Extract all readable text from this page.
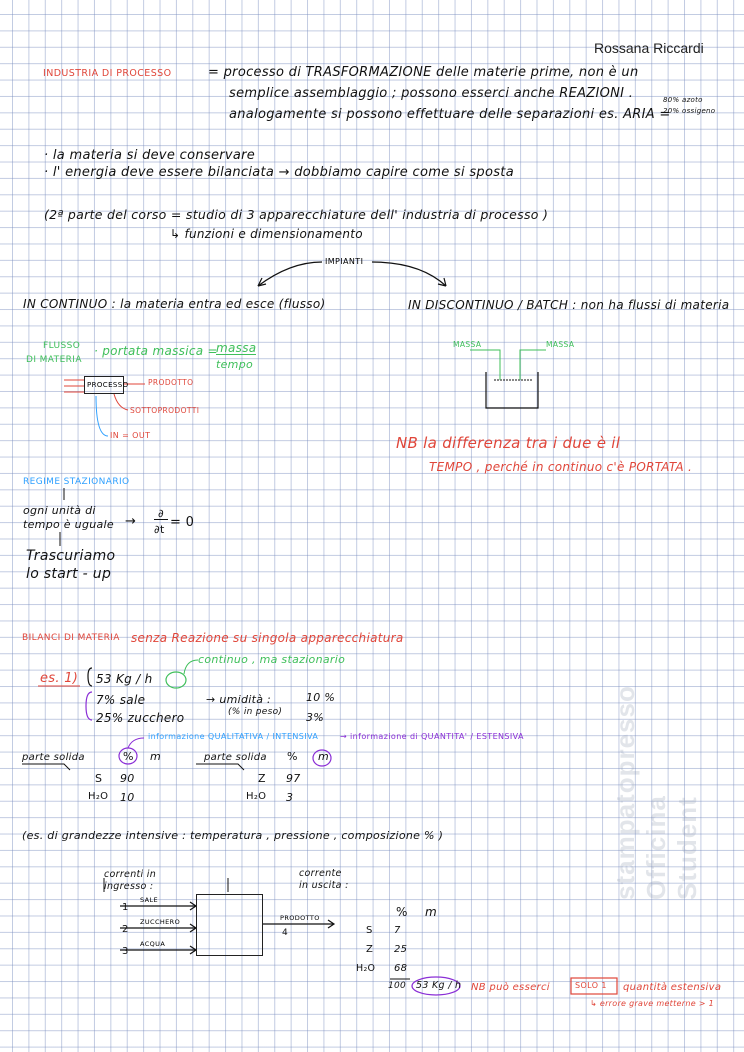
stampatopresso Officina Student
Rossana Riccardi
INDUSTRIA DI PROCESSO	= processo di TRASFORMAZIONE delle materie prime, non è un
semplice assemblaggio ; possono esserci anche REAZIONI .
analogamente si possono effettuare delle separazioni es. ARIA =
80% azoto
20% ossigeno
· la materia si deve conservare
· l' energia deve essere bilanciata → dobbiamo capire come si sposta
(2ª parte del corso = studio di 3 apparecchiature dell' industria di processo )
↳ funzioni e dimensionamento
IMPIANTI
IN CONTINUO : la materia entra ed esce (flusso)	IN DISCONTINUO / BATCH : non ha flussi di materia
FLUSSO
DI MATERIA
· portata massica =
massa
tempo
PROCESSO	PRODOTTO
SOTTOPRODOTTI
IN = OUT
MASSA	MASSA
NB la differenza tra i due è il
TEMPO , perché in continuo c'è PORTATA .
REGIME STAZIONARIO
ogni unità di
tempo è uguale →
∂
∂t = 0
Trascuriamo
lo start - up
BILANCI DI MATERIA senza Reazione su singola apparecchiatura
continuo , ma stazionario
es. 1) 53 Kg / h
7% sale
25% zucchero
→ umidità :	10 %
(% in peso) 3%
informazione QUALITATIVA / INTENSIVA	→ informazione di QUANTITA' / ESTENSIVA
parte solida	% m
S 90
H₂O 10
parte solida % m
Z 97
H₂O 3
(es. di grandezze intensive : temperatura , pressione , composizione % )
correnti in
ingresso :
corrente
in uscita :
1
SALE
2
ZUCCHERO
3
ACQUA
PRODOTTO
4
% m
S 7
Z 25
H₂O 68
100 53 Kg / h NB può esserci	SOLO 1 quantità estensiva
↳ errore grave metterne > 1
